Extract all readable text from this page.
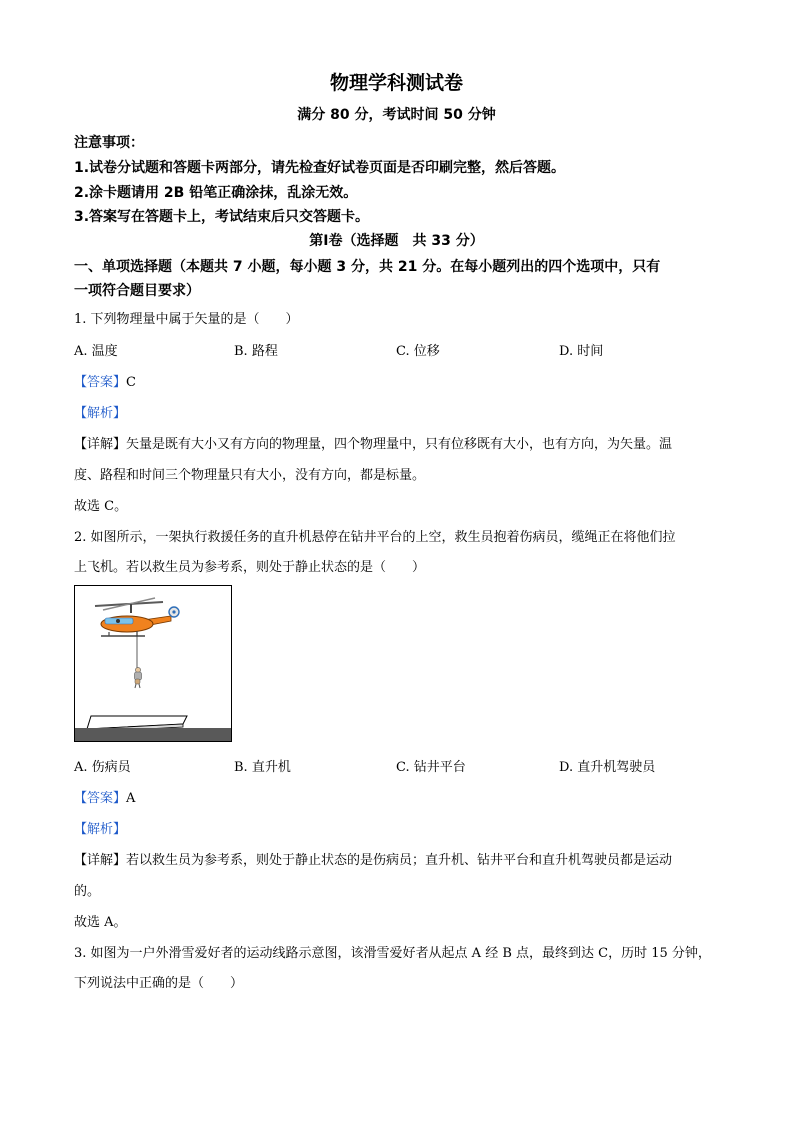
物理学科测试卷
满分 80 分，考试时间 50 分钟
注意事项：
1.试卷分试题和答题卡两部分，请先检查好试卷页面是否印刷完整，然后答题。
2.涂卡题请用 2B 铅笔正确涂抹，乱涂无效。
3.答案写在答题卡上，考试结束后只交答题卡。
第Ⅰ卷（选择题　共 33 分）
一、单项选择题（本题共 7 小题，每小题 3 分，共 21 分。在每小题列出的四个选项中，只有
一项符合题目要求）
1. 下列物理量中属于矢量的是（　　）
A. 温度	B. 路程	C. 位移	D. 时间
【答案】C
【解析】
【详解】矢量是既有大小又有方向的物理量，四个物理量中，只有位移既有大小，也有方向，为矢量。温
度、路程和时间三个物理量只有大小，没有方向，都是标量。
故选 C。
2. 如图所示，一架执行救援任务的直升机悬停在钻井平台的上空，救生员抱着伤病员，缆绳正在将他们拉
上飞机。若以救生员为参考系，则处于静止状态的是（　　）
A. 伤病员	B. 直升机	C. 钻井平台	D. 直升机驾驶员
【答案】A
【解析】
【详解】若以救生员为参考系，则处于静止状态的是伤病员；直升机、钻井平台和直升机驾驶员都是运动
的。
故选 A。
3. 如图为一户外滑雪爱好者的运动线路示意图，该滑雪爱好者从起点 A 经 B 点，最终到达 C，历时 15 分钟，
下列说法中正确的是（　　）
